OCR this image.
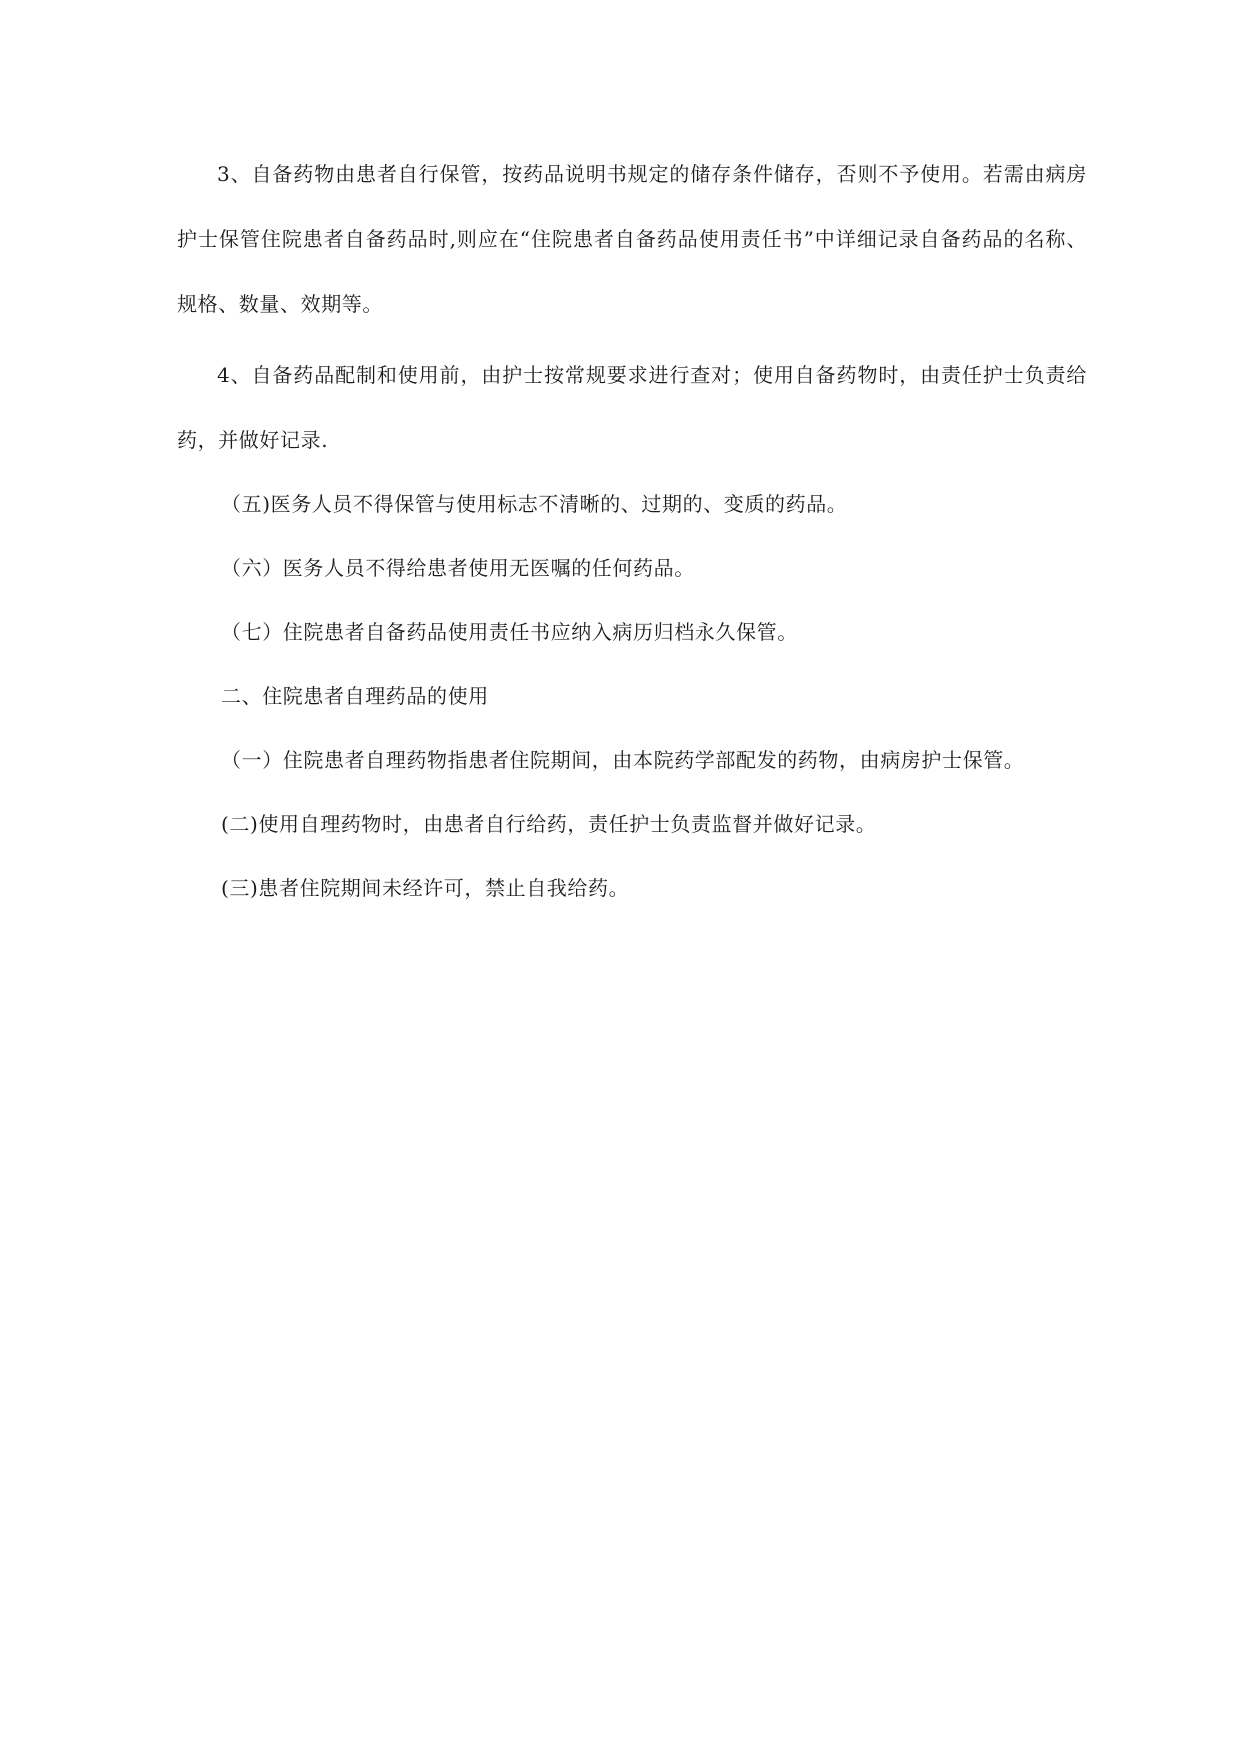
3、自备药物由患者自行保管，按药品说明书规定的储存条件储存，否则不予使用。若需由病房护士保管住院患者自备药品时,则应在“住院患者自备药品使用责任书”中详细记录自备药品的名称、规格、数量、效期等。

4、自备药品配制和使用前，由护士按常规要求进行查对；使用自备药物时，由责任护士负责给药，并做好记录.

（五)医务人员不得保管与使用标志不清晰的、过期的、变质的药品。

（六）医务人员不得给患者使用无医嘱的任何药品。

（七）住院患者自备药品使用责任书应纳入病历归档永久保管。

二、住院患者自理药品的使用

（一）住院患者自理药物指患者住院期间，由本院药学部配发的药物，由病房护士保管。

(二)使用自理药物时，由患者自行给药，责任护士负责监督并做好记录。

(三)患者住院期间未经许可，禁止自我给药。
